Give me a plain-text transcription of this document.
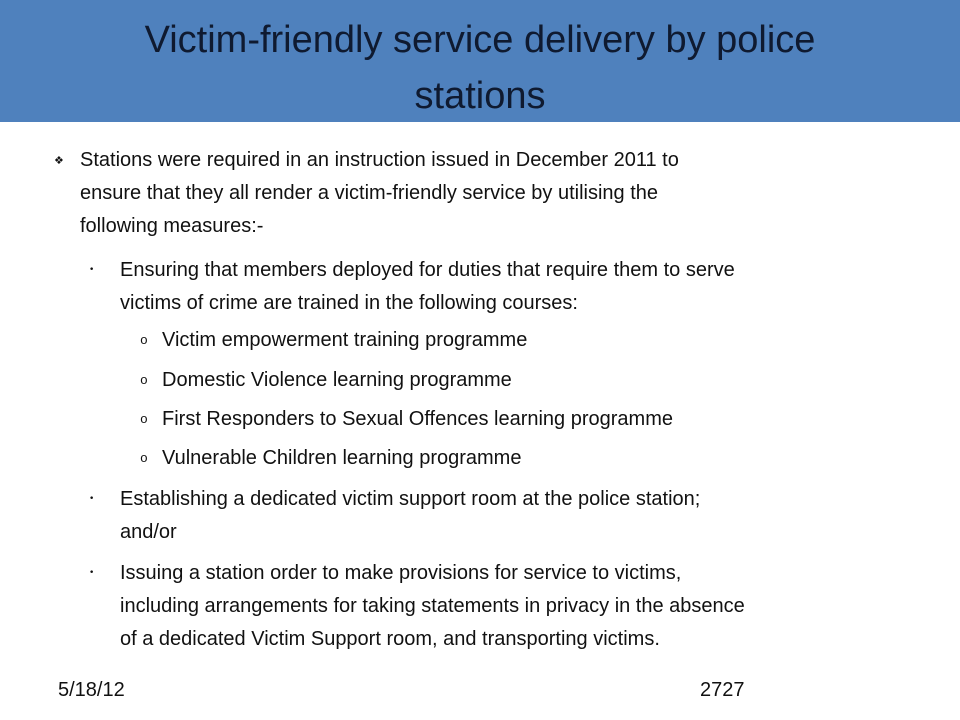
Victim-friendly service delivery by police
stations
❖ Stations were required in an instruction issued in December 2011 to
ensure that they all render a victim-friendly service by utilising the
following measures:-
• Ensuring that members deployed for duties that require them to serve
victims of crime are trained in the following courses:
o Victim empowerment training programme
o Domestic Violence learning programme
o First Responders to Sexual Offences learning programme
o Vulnerable Children learning programme
• Establishing a dedicated victim support room at the police station;
and/or
• Issuing a station order to make provisions for service to victims,
including arrangements for taking statements in privacy in the absence
of a dedicated Victim Support room, and transporting victims.
5/18/12	2727
